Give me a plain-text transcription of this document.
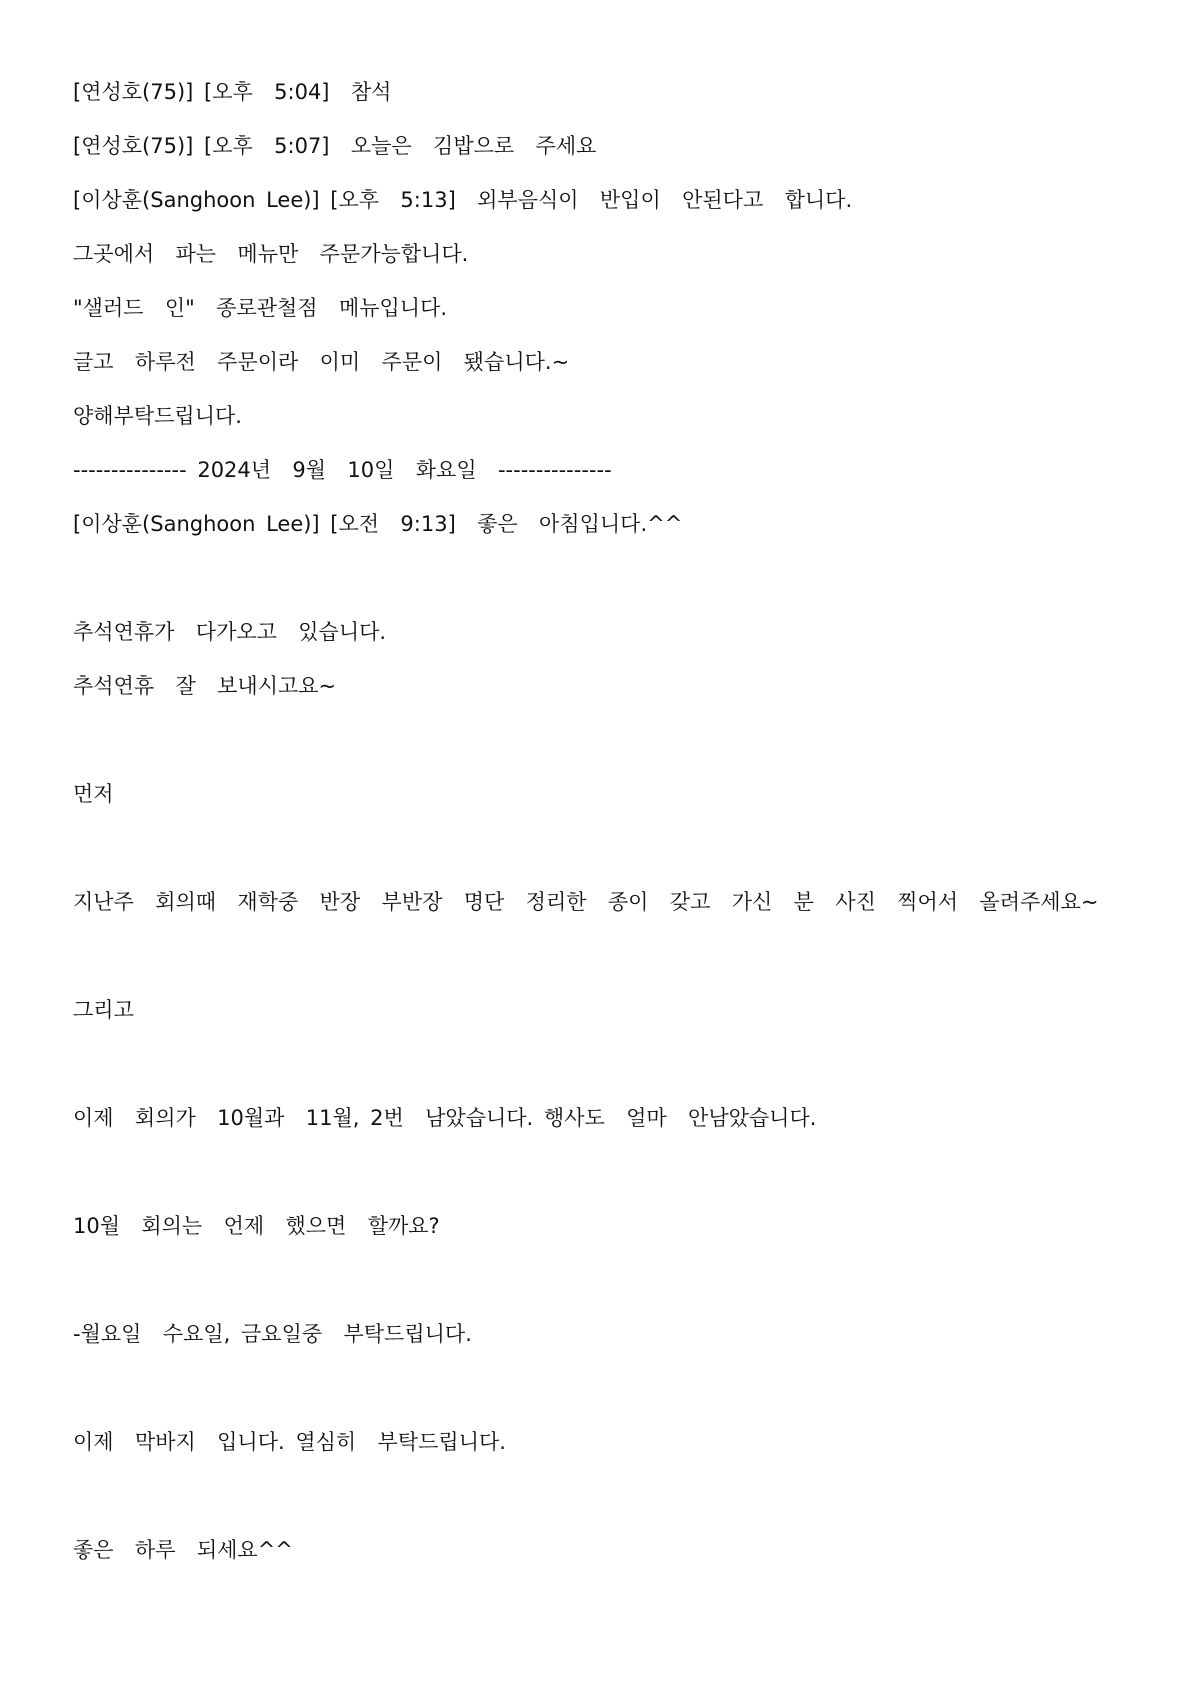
[연성호(75)] [오후  5:04]  참석
[연성호(75)] [오후  5:07]  오늘은  김밥으로  주세요
[이상훈(Sanghoon Lee)] [오후  5:13]  외부음식이  반입이  안된다고  합니다.
그곳에서  파는  메뉴만  주문가능합니다.
"샐러드  인"  종로관철점  메뉴입니다.
글고  하루전  주문이라  이미  주문이  됐습니다.~
양해부탁드립니다.
--------------- 2024년  9월  10일  화요일  ---------------
[이상훈(Sanghoon Lee)] [오전  9:13]  좋은  아침입니다.^^
추석연휴가  다가오고  있습니다.
추석연휴  잘  보내시고요~
먼저
지난주  회의때  재학중  반장  부반장  명단  정리한  종이  갖고  가신  분  사진  찍어서  올려주세요~
그리고
이제  회의가  10월과  11월, 2번  남았습니다. 행사도  얼마  안남았습니다.
10월  회의는  언제  했으면  할까요?
-월요일  수요일, 금요일중  부탁드립니다.
이제  막바지  입니다. 열심히  부탁드립니다.
좋은  하루  되세요^^
